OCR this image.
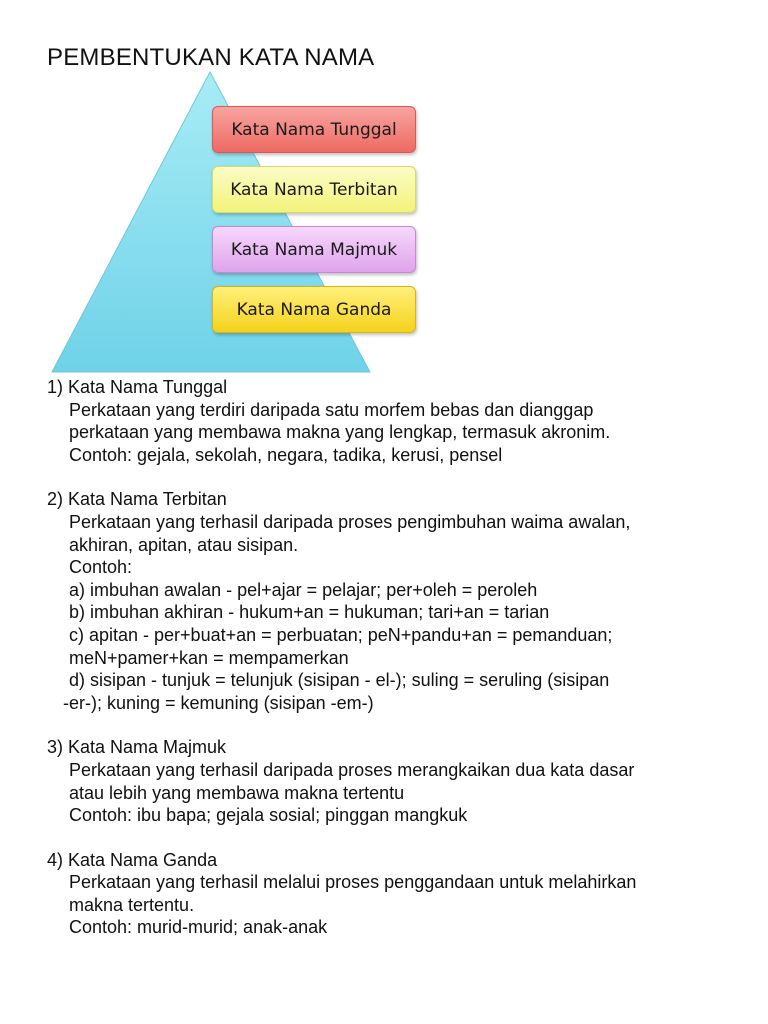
PEMBENTUKAN KATA NAMA
Kata Nama Tunggal
Kata Nama Terbitan
Kata Nama Majmuk
Kata Nama Ganda
1) Kata Nama Tunggal
Perkataan yang terdiri daripada satu morfem bebas dan dianggap
perkataan yang membawa makna yang lengkap, termasuk akronim.
Contoh: gejala, sekolah, negara, tadika, kerusi, pensel
2) Kata Nama Terbitan
Perkataan yang terhasil daripada proses pengimbuhan waima awalan,
akhiran, apitan, atau sisipan.
Contoh:
a) imbuhan awalan - pel+ajar = pelajar; per+oleh = peroleh
b) imbuhan akhiran - hukum+an = hukuman; tari+an = tarian
c) apitan - per+buat+an = perbuatan; peN+pandu+an = pemanduan;
meN+pamer+kan = mempamerkan
d) sisipan - tunjuk = telunjuk (sisipan - el-); suling = seruling (sisipan
-er-); kuning = kemuning (sisipan -em-)
3) Kata Nama Majmuk
Perkataan yang terhasil daripada proses merangkaikan dua kata dasar
atau lebih yang membawa makna tertentu
Contoh: ibu bapa; gejala sosial; pinggan mangkuk
4) Kata Nama Ganda
Perkataan yang terhasil melalui proses penggandaan untuk melahirkan
makna tertentu.
Contoh: murid-murid; anak-anak
